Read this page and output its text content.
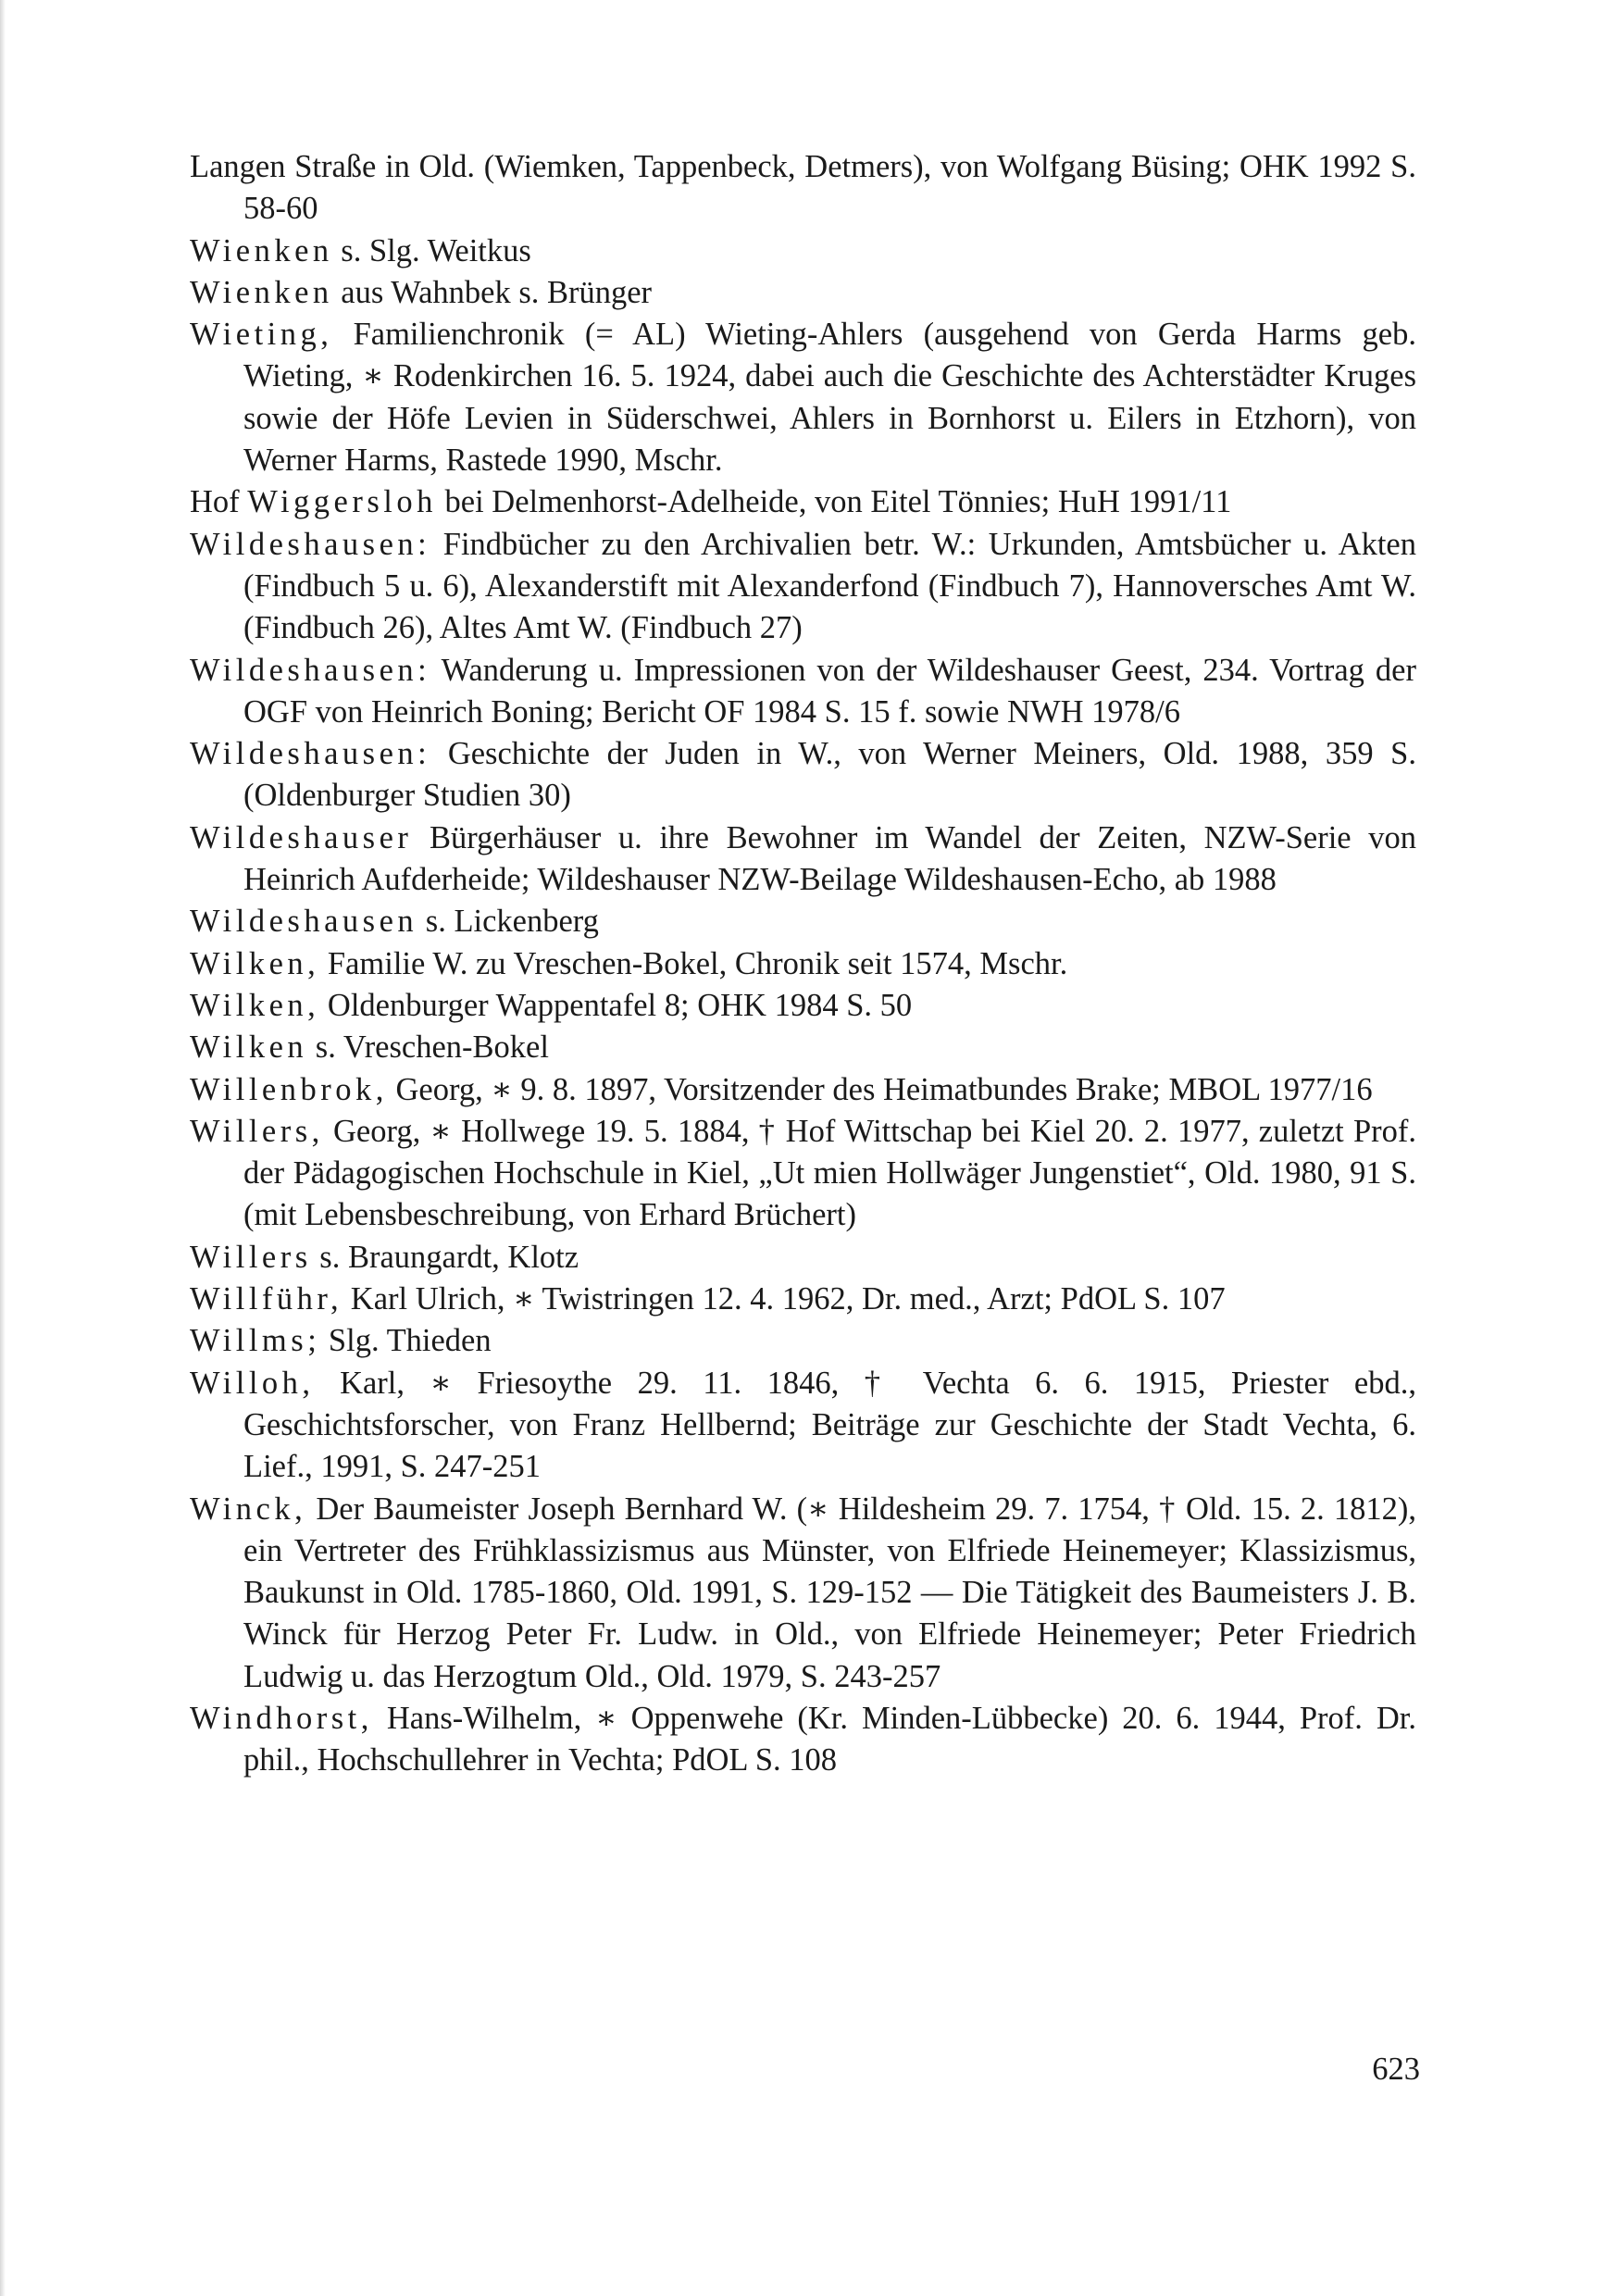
Langen Straße in Old. (Wiemken, Tappenbeck, Detmers), von Wolfgang Büsing; OHK 1992 S. 58-60

Wienken s. Slg. Weitkus

Wienken aus Wahnbek s. Brünger

Wieting, Familienchronik (= AL) Wieting-Ahlers (ausgehend von Gerda Harms geb. Wieting, ∗ Rodenkirchen 16. 5. 1924, dabei auch die Geschichte des Achterstädter Kruges sowie der Höfe Levien in Süderschwei, Ahlers in Bornhorst u. Eilers in Etzhorn), von Werner Harms, Rastede 1990, Mschr.

Hof Wiggersloh bei Delmenhorst-Adelheide, von Eitel Tönnies; HuH 1991/11

Wildeshausen: Findbücher zu den Archivalien betr. W.: Urkunden, Amtsbücher u. Akten (Findbuch 5 u. 6), Alexanderstift mit Alexanderfond (Findbuch 7), Hannoversches Amt W. (Findbuch 26), Altes Amt W. (Findbuch 27)

Wildeshausen: Wanderung u. Impressionen von der Wildeshauser Geest, 234. Vortrag der OGF von Heinrich Boning; Bericht OF 1984 S. 15 f. sowie NWH 1978/6

Wildeshausen: Geschichte der Juden in W., von Werner Meiners, Old. 1988, 359 S. (Oldenburger Studien 30)

Wildeshauser Bürgerhäuser u. ihre Bewohner im Wandel der Zeiten, NZW-Serie von Heinrich Aufderheide; Wildeshauser NZW-Beilage Wildeshausen-Echo, ab 1988

Wildeshausen s. Lickenberg

Wilken, Familie W. zu Vreschen-Bokel, Chronik seit 1574, Mschr.

Wilken, Oldenburger Wappentafel 8; OHK 1984 S. 50

Wilken s. Vreschen-Bokel

Willenbrok, Georg, ∗ 9. 8. 1897, Vorsitzender des Heimatbundes Brake; MBOL 1977/16

Willers, Georg, ∗ Hollwege 19. 5. 1884, † Hof Wittschap bei Kiel 20. 2. 1977, zuletzt Prof. der Pädagogischen Hochschule in Kiel, „Ut mien Hollwäger Jungenstiet“, Old. 1980, 91 S. (mit Lebensbeschreibung, von Erhard Brüchert)

Willers s. Braungardt, Klotz

Willführ, Karl Ulrich, ∗ Twistringen 12. 4. 1962, Dr. med., Arzt; PdOL S. 107

Willms; Slg. Thieden

Willoh, Karl, ∗ Friesoythe 29. 11. 1846, † Vechta 6. 6. 1915, Priester ebd., Geschichtsforscher, von Franz Hellbernd; Beiträge zur Geschichte der Stadt Vechta, 6. Lief., 1991, S. 247-251

Winck, Der Baumeister Joseph Bernhard W. (∗ Hildesheim 29. 7. 1754, † Old. 15. 2. 1812), ein Vertreter des Frühklassizismus aus Münster, von Elfriede Heinemeyer; Klassizismus, Baukunst in Old. 1785-1860, Old. 1991, S. 129-152 — Die Tätigkeit des Baumeisters J. B. Winck für Herzog Peter Fr. Ludw. in Old., von Elfriede Heinemeyer; Peter Friedrich Ludwig u. das Herzogtum Old., Old. 1979, S. 243-257

Windhorst, Hans-Wilhelm, ∗ Oppenwehe (Kr. Minden-Lübbecke) 20. 6. 1944, Prof. Dr. phil., Hochschullehrer in Vechta; PdOL S. 108

623
